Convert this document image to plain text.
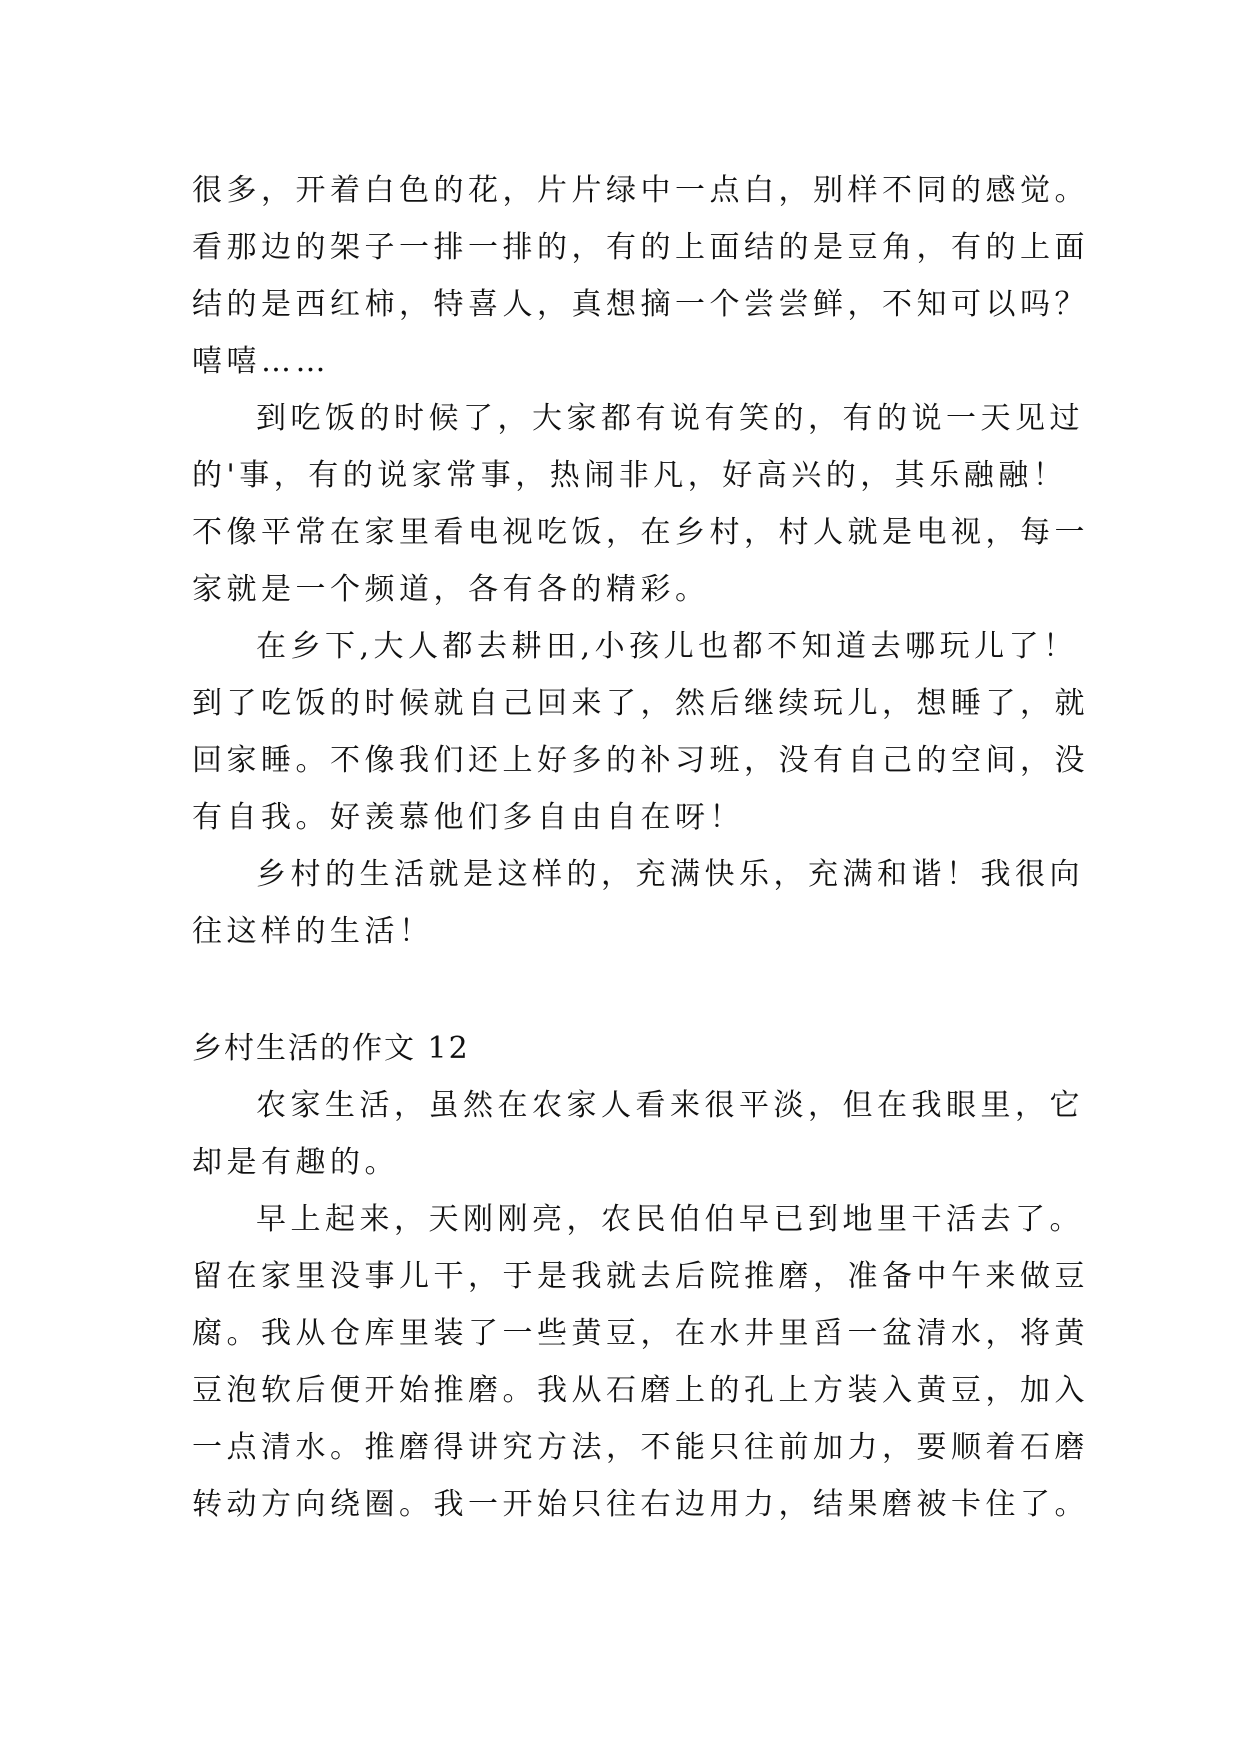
很多，开着白色的花，片片绿中一点白，别样不同的感觉。
看那边的架子一排一排的，有的上面结的是豆角，有的上面
结的是西红柿，特喜人，真想摘一个尝尝鲜，不知可以吗？
嘻嘻……
到吃饭的时候了，大家都有说有笑的，有的说一天见过
的'事，有的说家常事，热闹非凡，好高兴的，其乐融融！
不像平常在家里看电视吃饭，在乡村，村人就是电视，每一
家就是一个频道，各有各的精彩。
在乡下,大人都去耕田,小孩儿也都不知道去哪玩儿了！
到了吃饭的时候就自己回来了，然后继续玩儿，想睡了，就
回家睡。不像我们还上好多的补习班，没有自己的空间，没
有自我。好羡慕他们多自由自在呀！
乡村的生活就是这样的，充满快乐，充满和谐！我很向
往这样的生活！
乡村生活的作文 12
农家生活，虽然在农家人看来很平淡，但在我眼里，它
却是有趣的。
早上起来，天刚刚亮，农民伯伯早已到地里干活去了。
留在家里没事儿干，于是我就去后院推磨，准备中午来做豆
腐。我从仓库里装了一些黄豆，在水井里舀一盆清水，将黄
豆泡软后便开始推磨。我从石磨上的孔上方装入黄豆，加入
一点清水。推磨得讲究方法，不能只往前加力，要顺着石磨
转动方向绕圈。我一开始只往右边用力，结果磨被卡住了。
